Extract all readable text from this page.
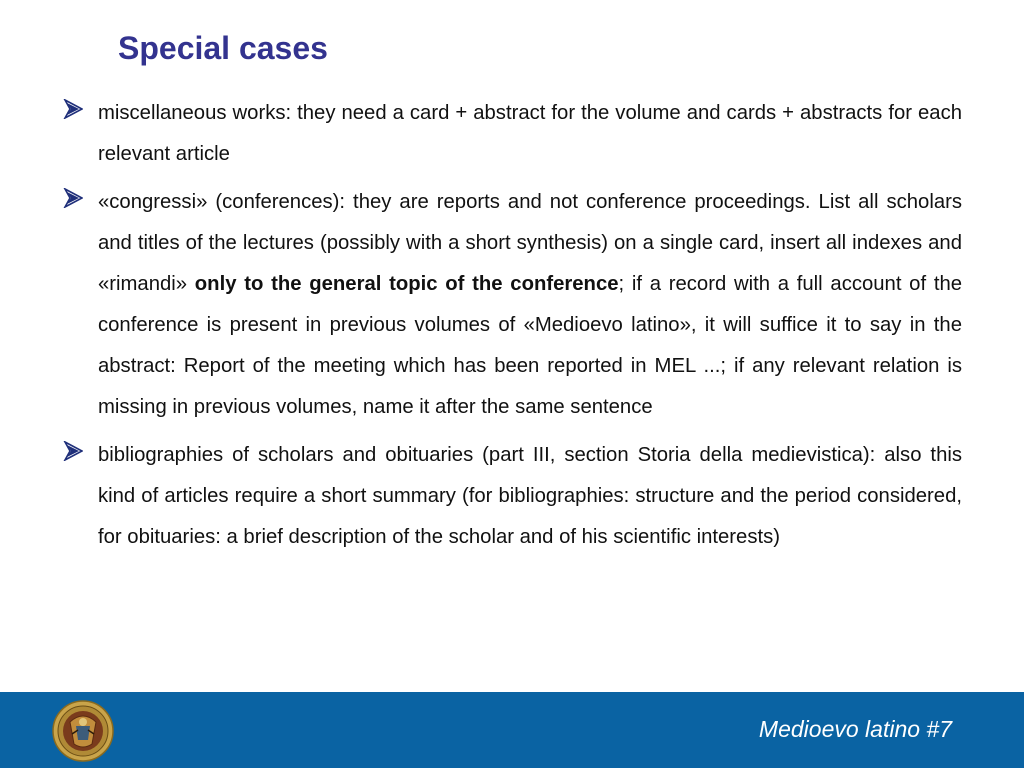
Special cases
miscellaneous works: they need a card + abstract for the volume and cards + abstracts for each relevant article
«congressi» (conferences): they are reports and not conference proceedings. List all scholars and titles of the lectures (possibly with a short synthesis) on a single card, insert all indexes and «rimandi» only to the general topic of the conference; if a record with a full account of the conference is present in previous volumes of «Medioevo latino», it will suffice it to say in the abstract: Report of the meeting which has been reported in MEL ...; if any relevant relation is missing in previous volumes, name it after the same sentence
bibliographies of scholars and obituaries (part III, section Storia della medievistica): also this kind of articles require a short summary (for bibliographies: structure and the period considered, for obituaries: a brief description of the scholar and of his scientific interests)
Medioevo latino #7
